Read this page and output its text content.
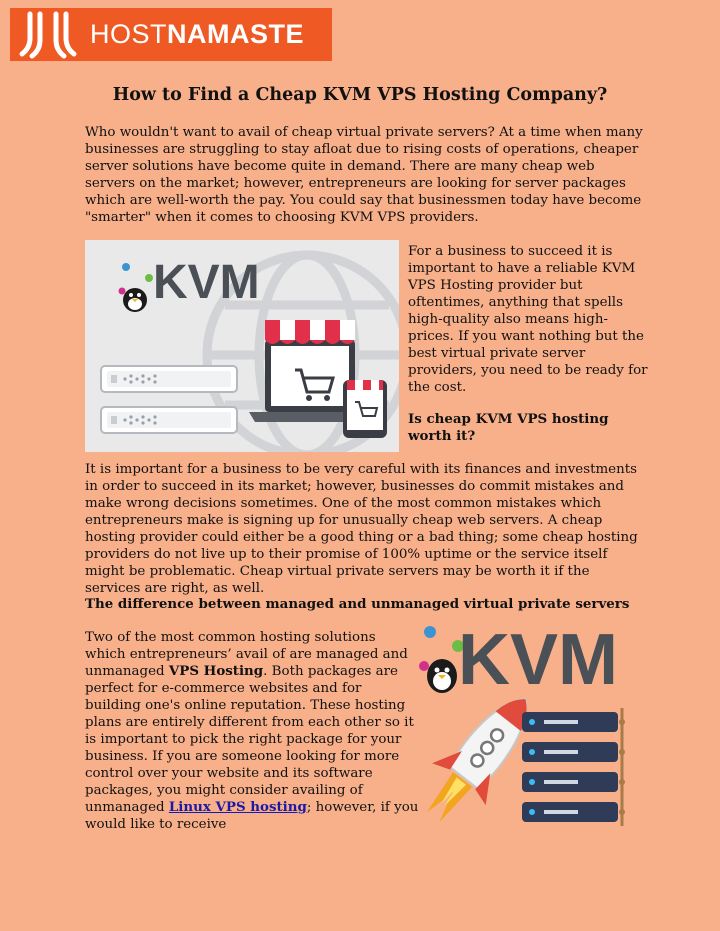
HOSTNAMASTE
How to Find a Cheap KVM VPS Hosting Company?

Who wouldn't want to avail of cheap virtual private servers? At a time when many businesses are struggling to stay afloat due to rising costs of operations, cheaper server solutions have become quite in demand. There are many cheap web servers on the market; however, entrepreneurs are looking for server packages which are well-worth the pay. You could say that businessmen today have become "smarter" when it comes to choosing KVM VPS providers.

KVM

For a business to succeed it is important to have a reliable KVM VPS Hosting provider but oftentimes, anything that spells high-quality also means high-prices. If you want nothing but the best virtual private server providers, you need to be ready for the cost.

Is cheap KVM VPS hosting worth it?

It is important for a business to be very careful with its finances and investments in order to succeed in its market; however, businesses do commit mistakes and make wrong decisions sometimes. One of the most common mistakes which entrepreneurs make is signing up for unusually cheap web servers. A cheap hosting provider could either be a good thing or a bad thing; some cheap hosting providers do not live up to their promise of 100% uptime or the service itself might be problematic. Cheap virtual private servers may be worth it if the services are right, as well.

The difference between managed and unmanaged virtual private servers

Two of the most common hosting solutions which entrepreneurs’ avail of are managed and unmanaged VPS Hosting. Both packages are perfect for e-commerce websites and for building one's online reputation. These hosting plans are entirely different from each other so it is important to pick the right package for your business. If you are someone looking for more control over your website and its software packages, you might consider availing of unmanaged Linux VPS hosting; however, if you would like to receive

KVM
